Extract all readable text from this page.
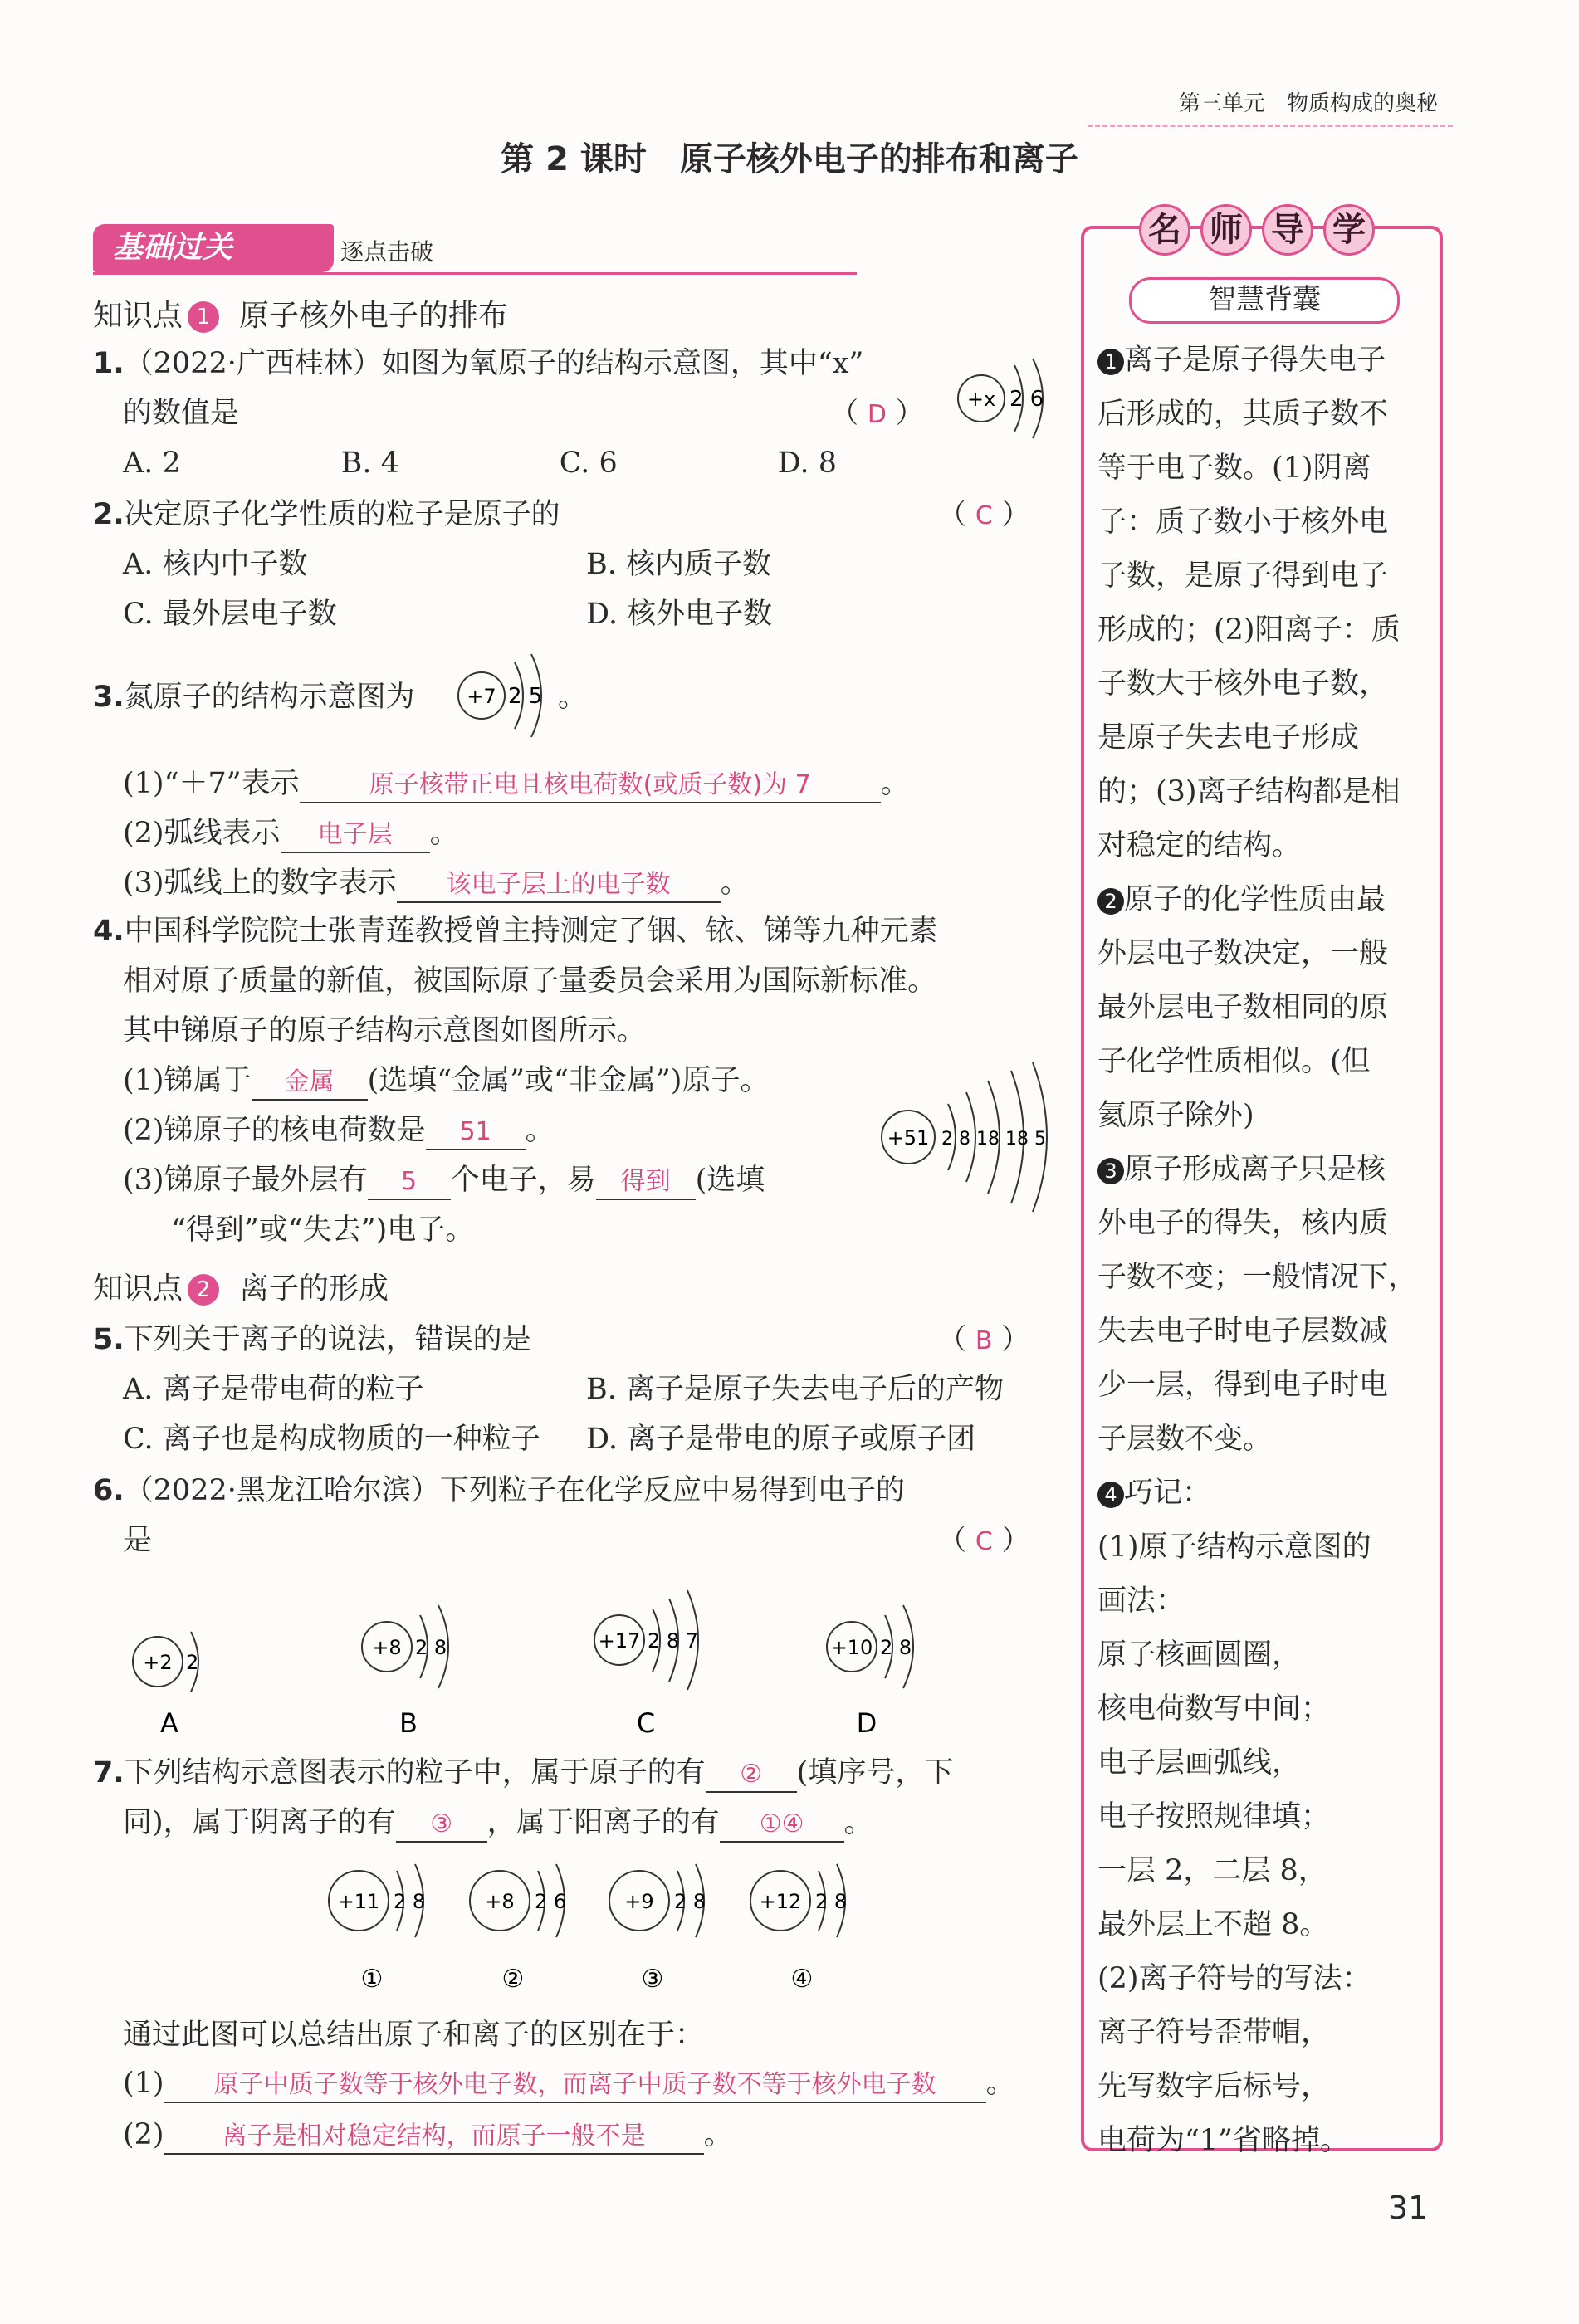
第三单元　物质构成的奥秘
第 2 课时　原子核外电子的排布和离子
基础过关	逐点击破
知识点 1 原子核外电子的排布
1.（2022·广西桂林）如图为氧原子的结构示意图，其中“x”
的数值是	（ D ）
A. 2	B. 4	C. 6	D. 8
+x 2 6
2.决定原子化学性质的粒子是原子的	（ C ）
A. 核内中子数	B. 核内质子数
C. 最外层电子数	D. 核外电子数
3.氮原子的结构示意图为	+7 2 5 。
(1)“＋7”表示	原子核带正电且核电荷数(或质子数)为 7 。
(2)弧线表示 电子层 。
(3)弧线上的数字表示 该电子层上的电子数 。
4.中国科学院院士张青莲教授曾主持测定了铟、铱、锑等九种元素
相对原子质量的新值，被国际原子量委员会采用为国际新标准。
其中锑原子的原子结构示意图如图所示。
(1)锑属于 金属 (选填“金属”或“非金属”)原子。
(2)锑原子的核电荷数是 51 。
(3)锑原子最外层有 5 个电子，易 得到 (选填
“得到”或“失去”)电子。
+51 2 8 18 18 5
知识点 2 离子的形成
5.下列关于离子的说法，错误的是	（ B ）
A. 离子是带电荷的粒子	B. 离子是原子失去电子后的产物
C. 离子也是构成物质的一种粒子 D. 离子是带电的原子或原子团
6.（2022·黑龙江哈尔滨）下列粒子在化学反应中易得到电子的
是	（ C ）
+2 2
A
+8 2 8
B
+17 2 8 7
C
+10 2 8
D
7.下列结构示意图表示的粒子中，属于原子的有 ② (填序号，下
同)，属于阴离子的有 ③ ，属于阳离子的有 ①④ 。
+11 2 8
①
+8 2 6
②
+9 2 8
③
+12 2 8
④
通过此图可以总结出原子和离子的区别在于：
(1) 原子中质子数等于核外电子数，而离子中质子数不等于核外电子数 。
(2) 离子是相对稳定结构，而原子一般不是 。
名 师 导 学
智慧背囊
1 离子是原子得失电子
后形成的，其质子数不
等于电子数。(1)阴离
子：质子数小于核外电
子数，是原子得到电子
形成的；(2)阳离子：质
子数大于核外电子数，
是原子失去电子形成
的；(3)离子结构都是相
对稳定的结构。
2 原子的化学性质由最
外层电子数决定，一般
最外层电子数相同的原
子化学性质相似。(但
氦原子除外)
3 原子形成离子只是核
外电子的得失，核内质
子数不变；一般情况下，
失去电子时电子层数减
少一层，得到电子时电
子层数不变。
4 巧记：
(1)原子结构示意图的
画法：
原子核画圆圈，
核电荷数写中间；
电子层画弧线，
电子按照规律填；
一层 2，二层 8，
最外层上不超 8。
(2)离子符号的写法：
离子符号歪带帽，
先写数字后标号，
电荷为“1”省略掉。
31
